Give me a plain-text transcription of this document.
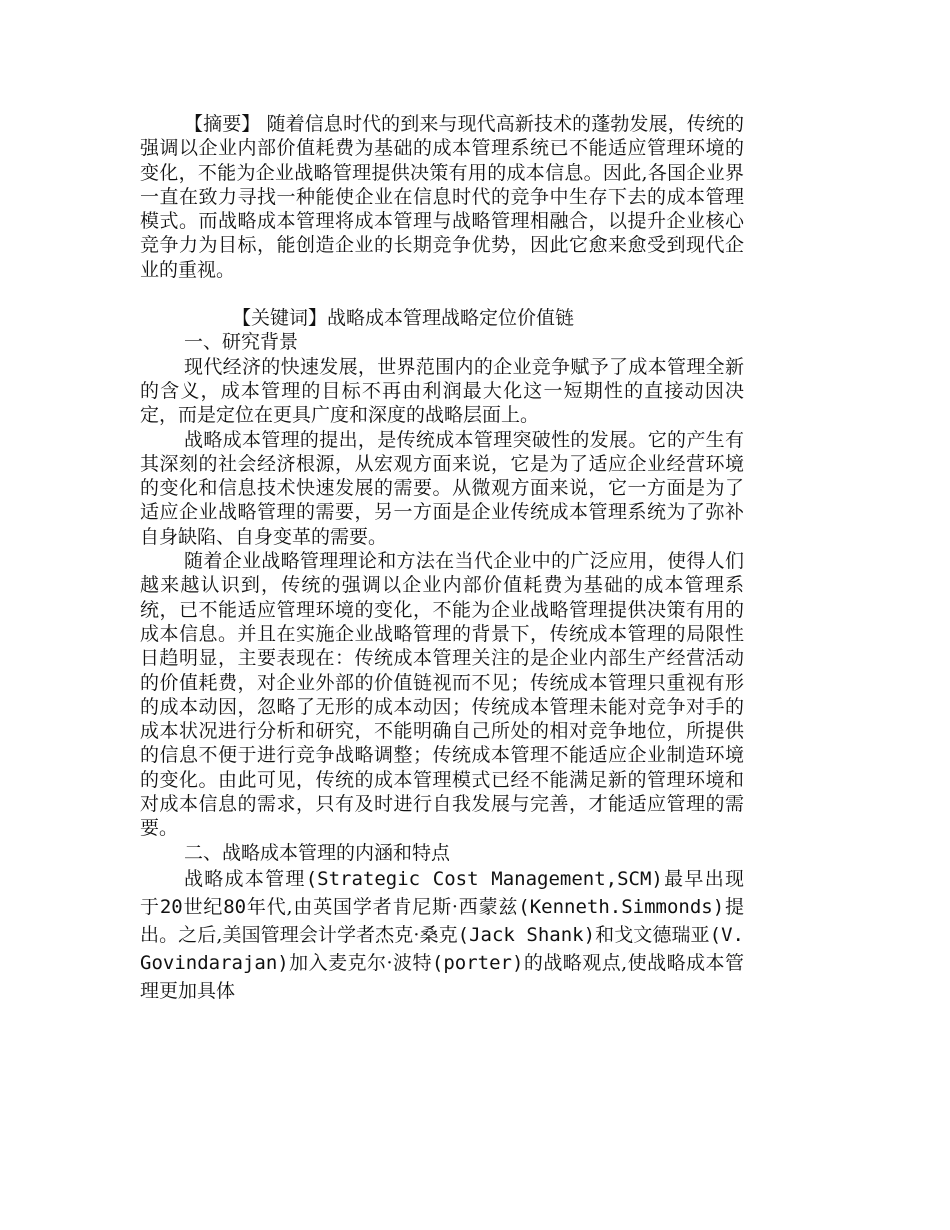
【摘要】 随着信息时代的到来与现代高新技术的蓬勃发展，传统的强调以企业内部价值耗费为基础的成本管理系统已不能适应管理环境的变化，不能为企业战略管理提供决策有用的成本信息。因此,各国企业界一直在致力寻找一种能使企业在信息时代的竞争中生存下去的成本管理模式。而战略成本管理将成本管理与战略管理相融合，以提升企业核心竞争力为目标，能创造企业的长期竞争优势，因此它愈来愈受到现代企业的重视。

【关键词】战略成本管理战略定位价值链

一、研究背景

现代经济的快速发展，世界范围内的企业竞争赋予了成本管理全新的含义，成本管理的目标不再由利润最大化这一短期性的直接动因决定，而是定位在更具广度和深度的战略层面上。

战略成本管理的提出，是传统成本管理突破性的发展。它的产生有其深刻的社会经济根源，从宏观方面来说，它是为了适应企业经营环境的变化和信息技术快速发展的需要。从微观方面来说，它一方面是为了适应企业战略管理的需要，另一方面是企业传统成本管理系统为了弥补自身缺陷、自身变革的需要。

随着企业战略管理理论和方法在当代企业中的广泛应用，使得人们越来越认识到，传统的强调以企业内部价值耗费为基础的成本管理系统，已不能适应管理环境的变化，不能为企业战略管理提供决策有用的成本信息。并且在实施企业战略管理的背景下，传统成本管理的局限性日趋明显，主要表现在：传统成本管理关注的是企业内部生产经营活动的价值耗费，对企业外部的价值链视而不见；传统成本管理只重视有形的成本动因，忽略了无形的成本动因；传统成本管理未能对竞争对手的成本状况进行分析和研究，不能明确自己所处的相对竞争地位，所提供的信息不便于进行竞争战略调整；传统成本管理不能适应企业制造环境的变化。由此可见，传统的成本管理模式已经不能满足新的管理环境和对成本信息的需求，只有及时进行自我发展与完善，才能适应管理的需要。

二、战略成本管理的内涵和特点

战略成本管理(Strategic Cost Management,SCM)最早出现于20世纪80年代,由英国学者肯尼斯·西蒙兹(Kenneth.Simmonds)提出。之后,美国管理会计学者杰克·桑克(Jack Shank)和戈文德瑞亚(V.Govindarajan)加入麦克尔·波特(porter)的战略观点,使战略成本管理更加具体
